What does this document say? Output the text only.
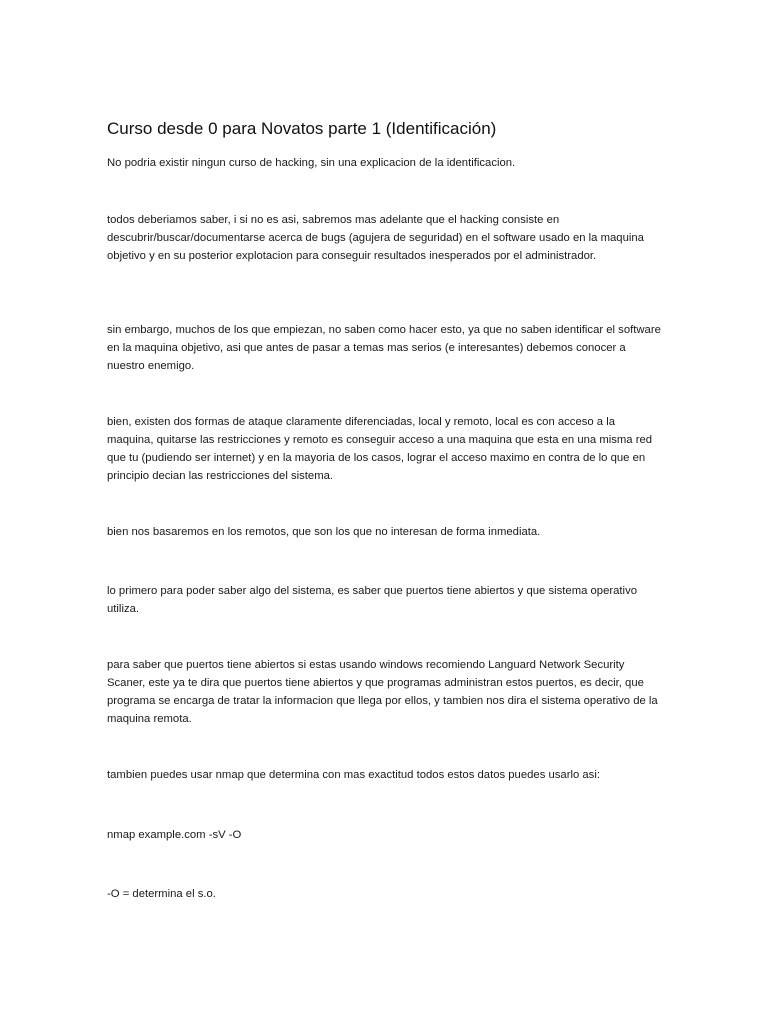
Curso desde 0 para Novatos parte 1 (Identificación)

No podria existir ningun curso de hacking, sin una explicacion de la identificacion.

todos deberiamos saber, i si no es asi, sabremos mas adelante que el hacking consiste en descubrir/buscar/documentarse acerca de bugs (agujera de seguridad) en el software usado en la maquina objetivo y en su posterior explotacion para conseguir resultados inesperados por el administrador.

sin embargo, muchos de los que empiezan, no saben como hacer esto, ya que no saben identificar el software en la maquina objetivo, asi que antes de pasar a temas mas serios (e interesantes) debemos conocer a nuestro enemigo.

bien, existen dos formas de ataque claramente diferenciadas, local y remoto, local es con acceso a la maquina, quitarse las restricciones y remoto es conseguir acceso a una maquina que esta en una misma red que tu (pudiendo ser internet) y en la mayoria de los casos, lograr el acceso maximo en contra de lo que en principio decian las restricciones del sistema.

bien nos basaremos en los remotos, que son los que no interesan de forma inmediata.

lo primero para poder saber algo del sistema, es saber que puertos tiene abiertos y que sistema operativo utiliza.

para saber que puertos tiene abiertos si estas usando windows recomiendo Languard Network Security Scaner, este ya te dira que puertos tiene abiertos y que programas administran estos puertos, es decir, que programa se encarga de tratar la informacion que llega por ellos, y tambien nos dira el sistema operativo de la maquina remota.

tambien puedes usar nmap que determina con mas exactitud todos estos datos puedes usarlo asi:

nmap example.com -sV -O

-O = determina el s.o.
